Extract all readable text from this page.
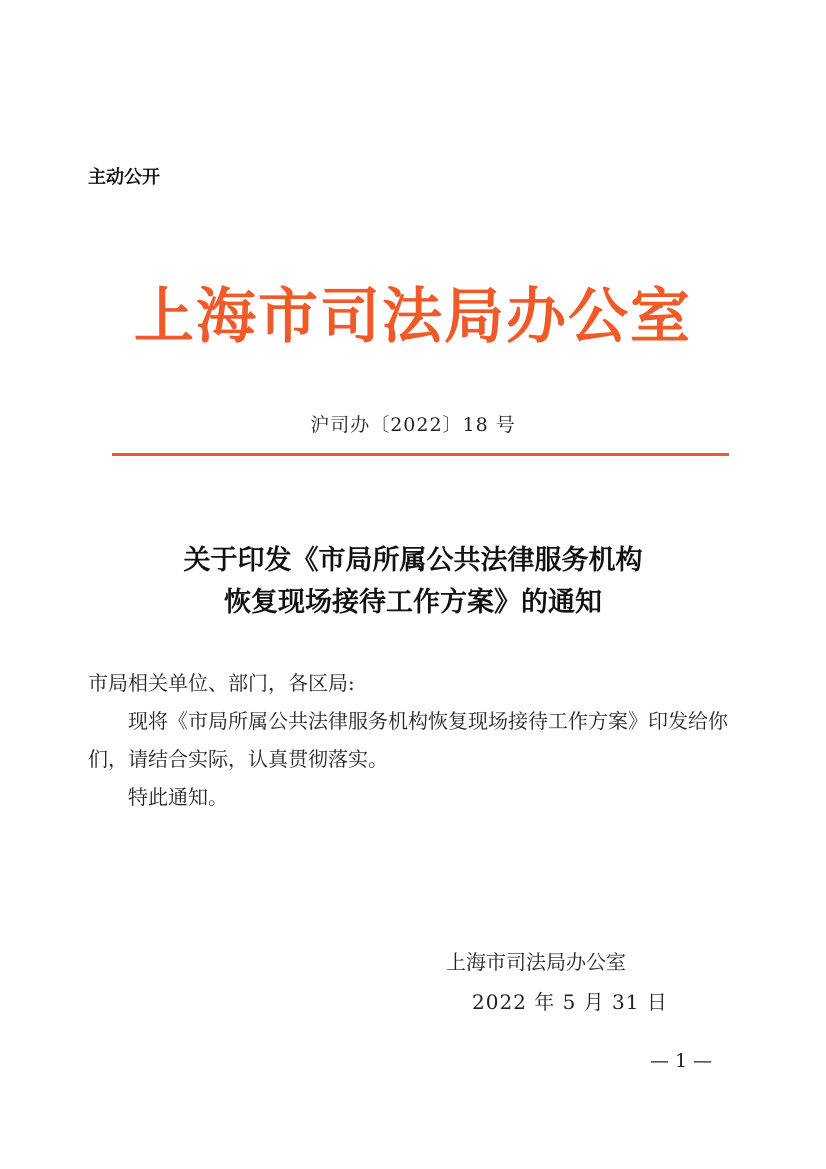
主动公开
上海市司法局办公室
沪司办〔2022〕18 号
关于印发《市局所属公共法律服务机构
恢复现场接待工作方案》的通知

市局相关单位、部门，各区局:

现将《市局所属公共法律服务机构恢复现场接待工作方案》印发给你们，请结合实际，认真贯彻落实。

特此通知。

上海市司法局办公室
2022 年 5 月 31 日
— 1 —
